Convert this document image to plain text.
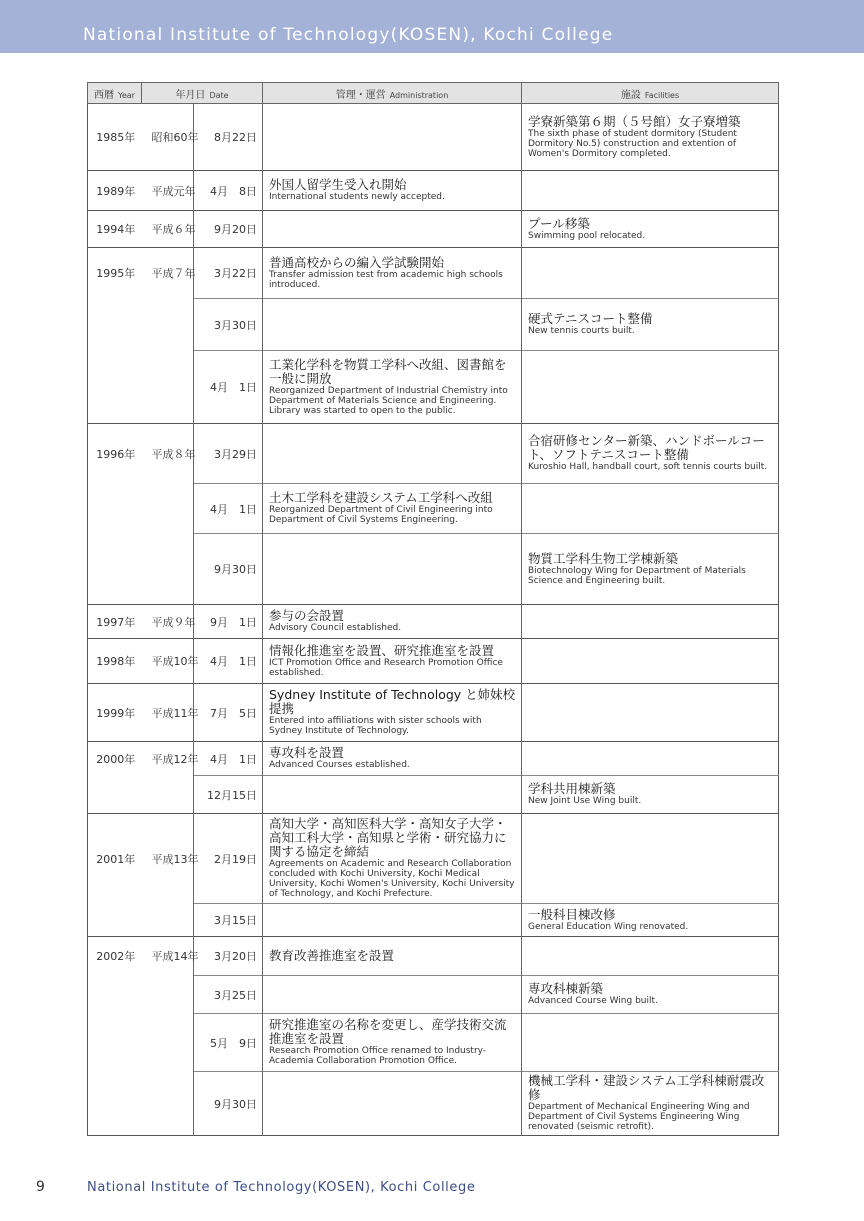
National Institute of Technology(KOSEN), Kochi College
西暦 Year	年月日 Date		管理・運営 Administration	施設 Facilities
1985年	昭和60年	8月22日		学寮新築第６期（５号館）女子寮増築
The sixth phase of student dormitory (Student Dormitory No.5) construction and extention of Women's Dormitory completed.

1989年	平成元年	4月　8日	外国人留学生受入れ開始
International students newly accepted.	

1994年	平成６年	9月20日		プール移築
Swimming pool relocated.

1995年	平成７年	3月22日	普通高校からの編入学試験開始
Transfer admission test from academic high schools introduced.	

		3月30日		硬式テニスコート整備
New tennis courts built.

		4月　1日	工業化学科を物質工学科へ改組、図書館を一般に開放
Reorganized Department of Industrial Chemistry into Department of Materials Science and Engineering. Library was started to open to the public.	

1996年	平成８年	3月29日		合宿研修センター新築、ハンドボールコート、ソフトテニスコート整備
Kuroshio Hall, handball court, soft tennis courts built.

		4月　1日	土木工学科を建設システム工学科へ改組
Reorganized Department of Civil Engineering into Department of Civil Systems Engineering.	

		9月30日		物質工学科生物工学棟新築
Biotechnology Wing for Department of Materials Science and Engineering built.

1997年	平成９年	9月　1日	参与の会設置
Advisory Council established.	

1998年	平成10年	4月　1日	情報化推進室を設置、研究推進室を設置
ICT Promotion Office and Research Promotion Office established.	

1999年	平成11年	7月　5日	Sydney Institute of Technology と姉妹校提携
Entered into affiliations with sister schools with Sydney Institute of Technology.	

2000年	平成12年	4月　1日	専攻科を設置
Advanced Courses established.	

		12月15日		学科共用棟新築
New Joint Use Wing built.

2001年	平成13年	2月19日	高知大学・高知医科大学・高知女子大学・高知工科大学・高知県と学術・研究協力に関する協定を締結
Agreements on Academic and Research Collaboration concluded with Kochi University, Kochi Medical University, Kochi Women's University, Kochi University of Technology, and Kochi Prefecture.	

		3月15日		一般科目棟改修
General Education Wing renovated.

2002年	平成14年	3月20日	教育改善推進室を設置	

		3月25日		専攻科棟新築
Advanced Course Wing built.

		5月　9日	研究推進室の名称を変更し、産学技術交流推進室を設置
Research Promotion Office renamed to Industry-Academia Collaboration Promotion Office.	

		9月30日		機械工学科・建設システム工学科棟耐震改修
Department of Mechanical Engineering Wing and Department of Civil Systems Engineering Wing renovated (seismic retrofit).
9	National Institute of Technology(KOSEN), Kochi College
